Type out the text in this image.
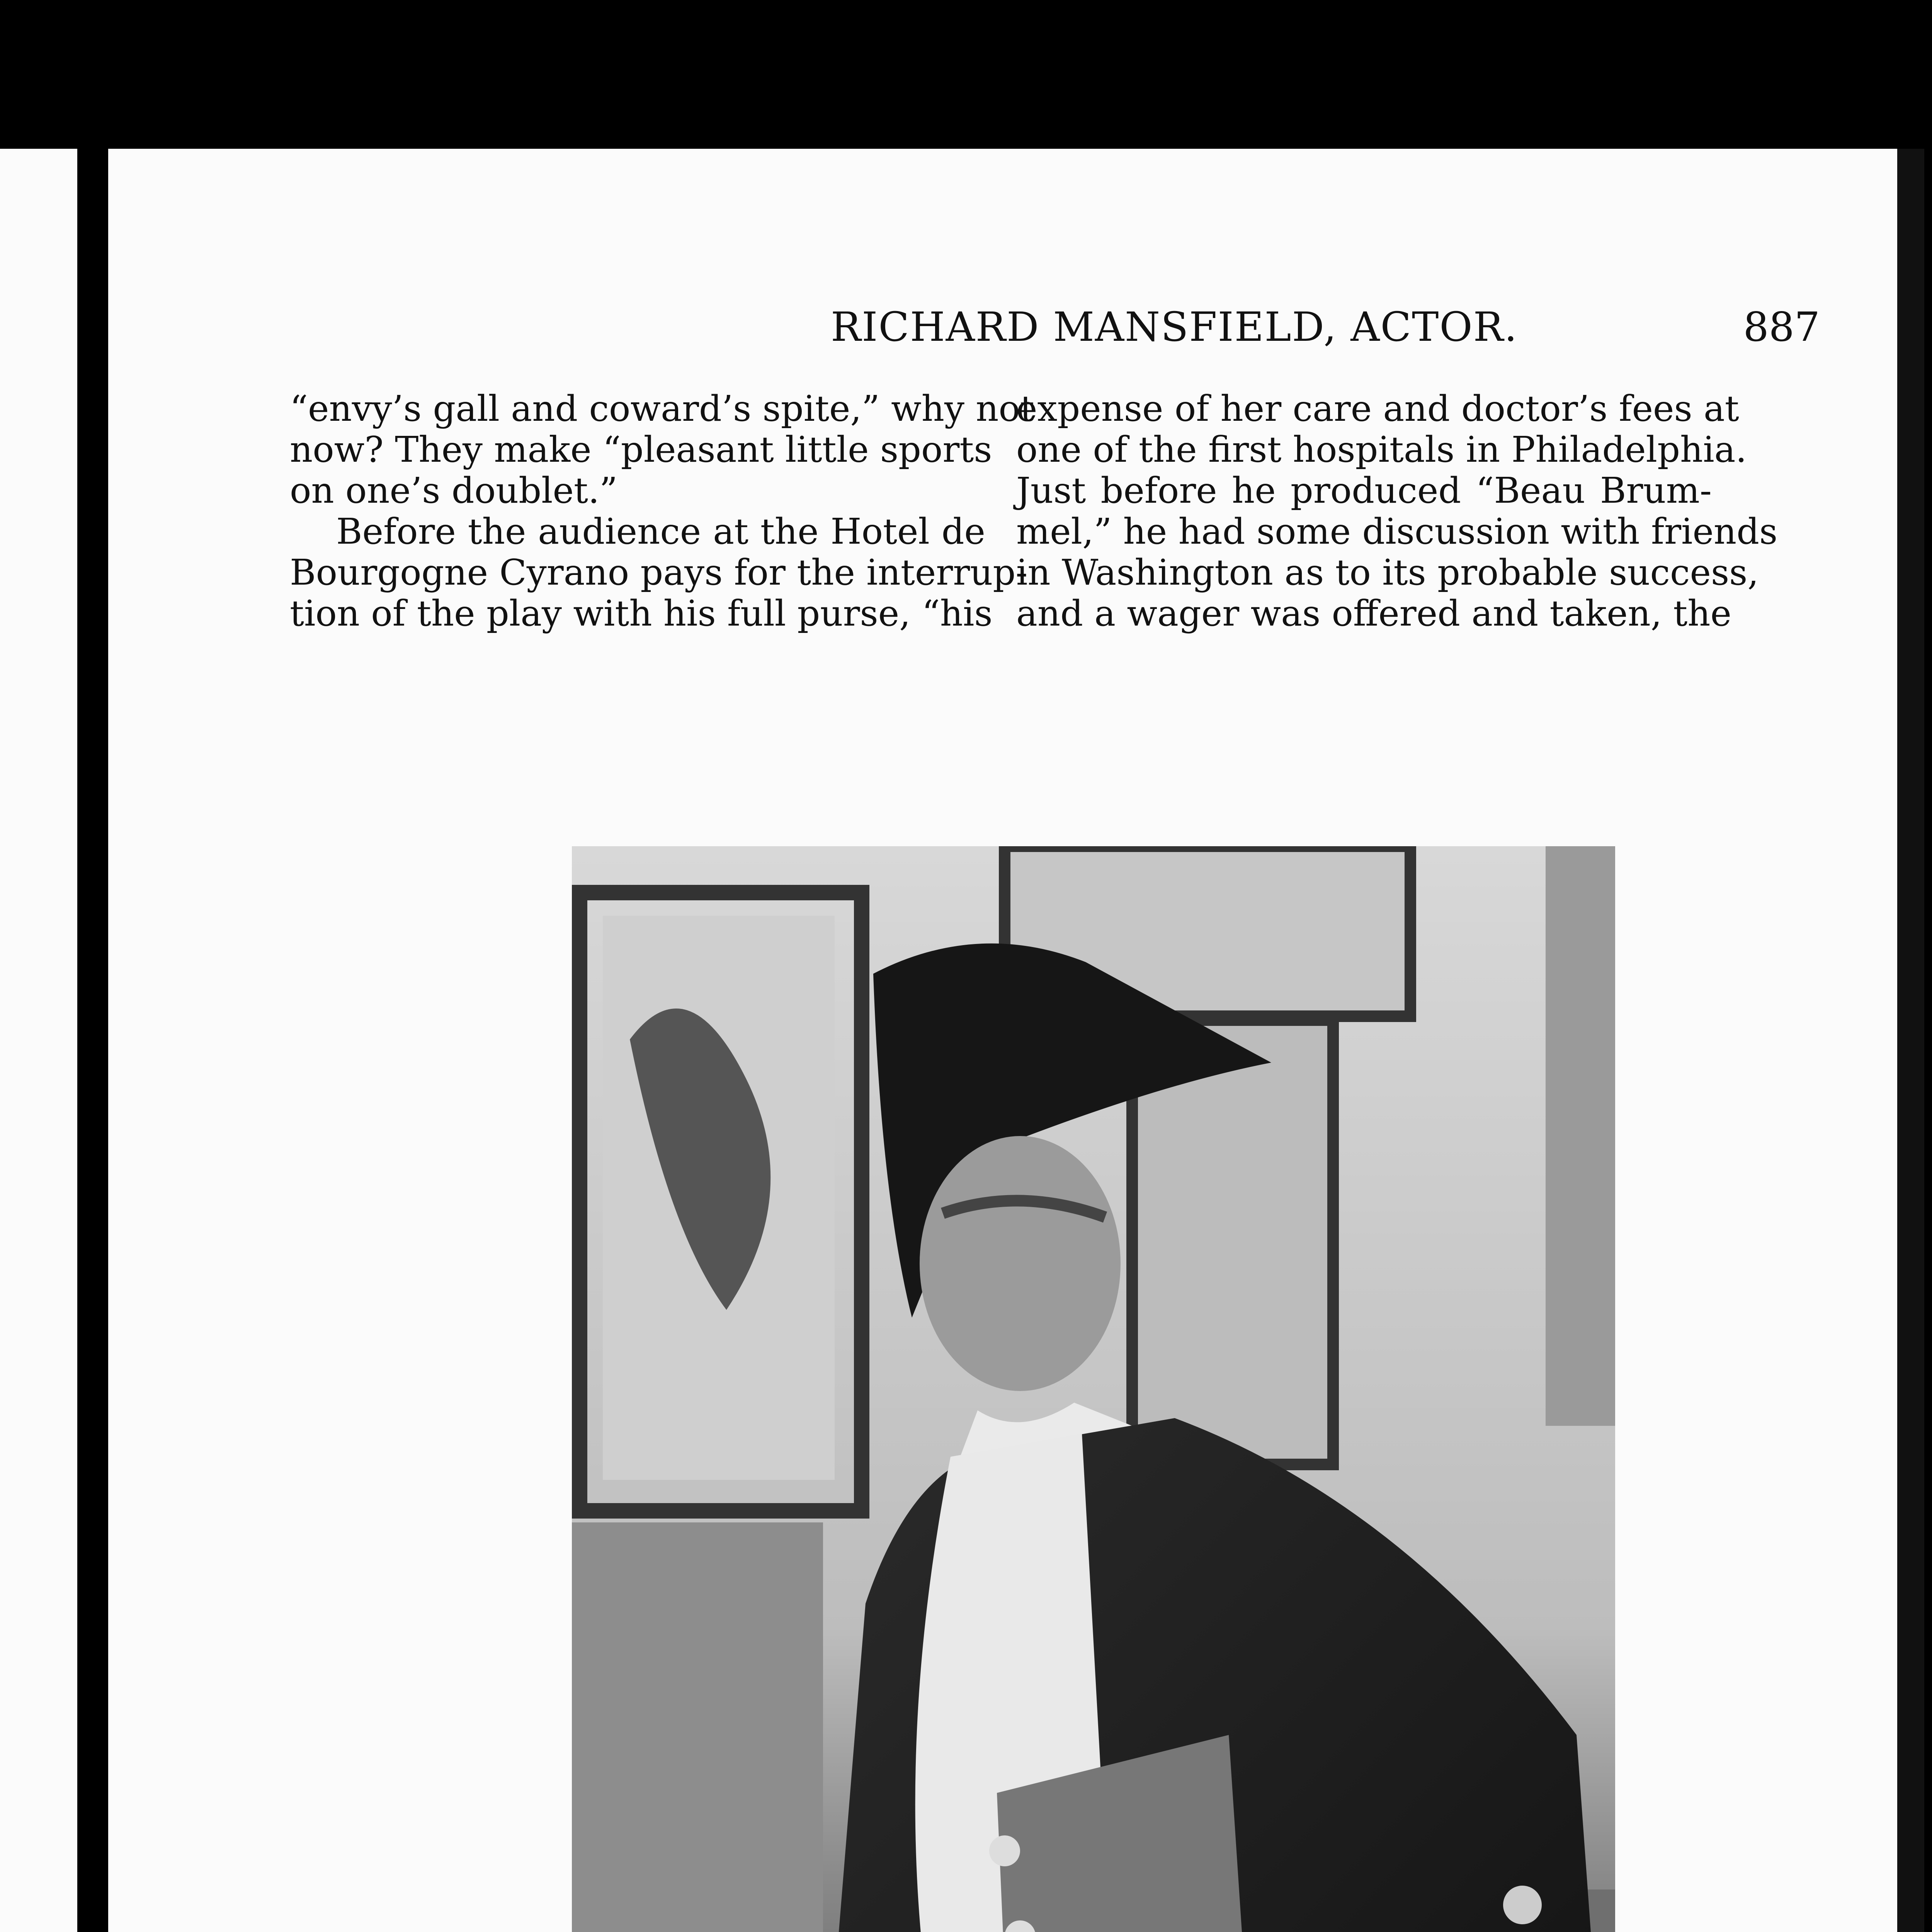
RICHARD MANSFIELD, ACTOR.	887
“envy’s gall and coward’s spite,” why not
now? They make “pleasant little sports
on one’s doublet.”
Before the audience at the Hotel de
Bourgogne Cyrano pays for the interrup-
tion of the play with his full purse, “his
expense of her care and doctor’s fees at
one of the first hospitals in Philadelphia.
Just before he produced “Beau Brum-
mel,” he had some discussion with friends
in Washington as to its probable success,
and a wager was offered and taken, the
